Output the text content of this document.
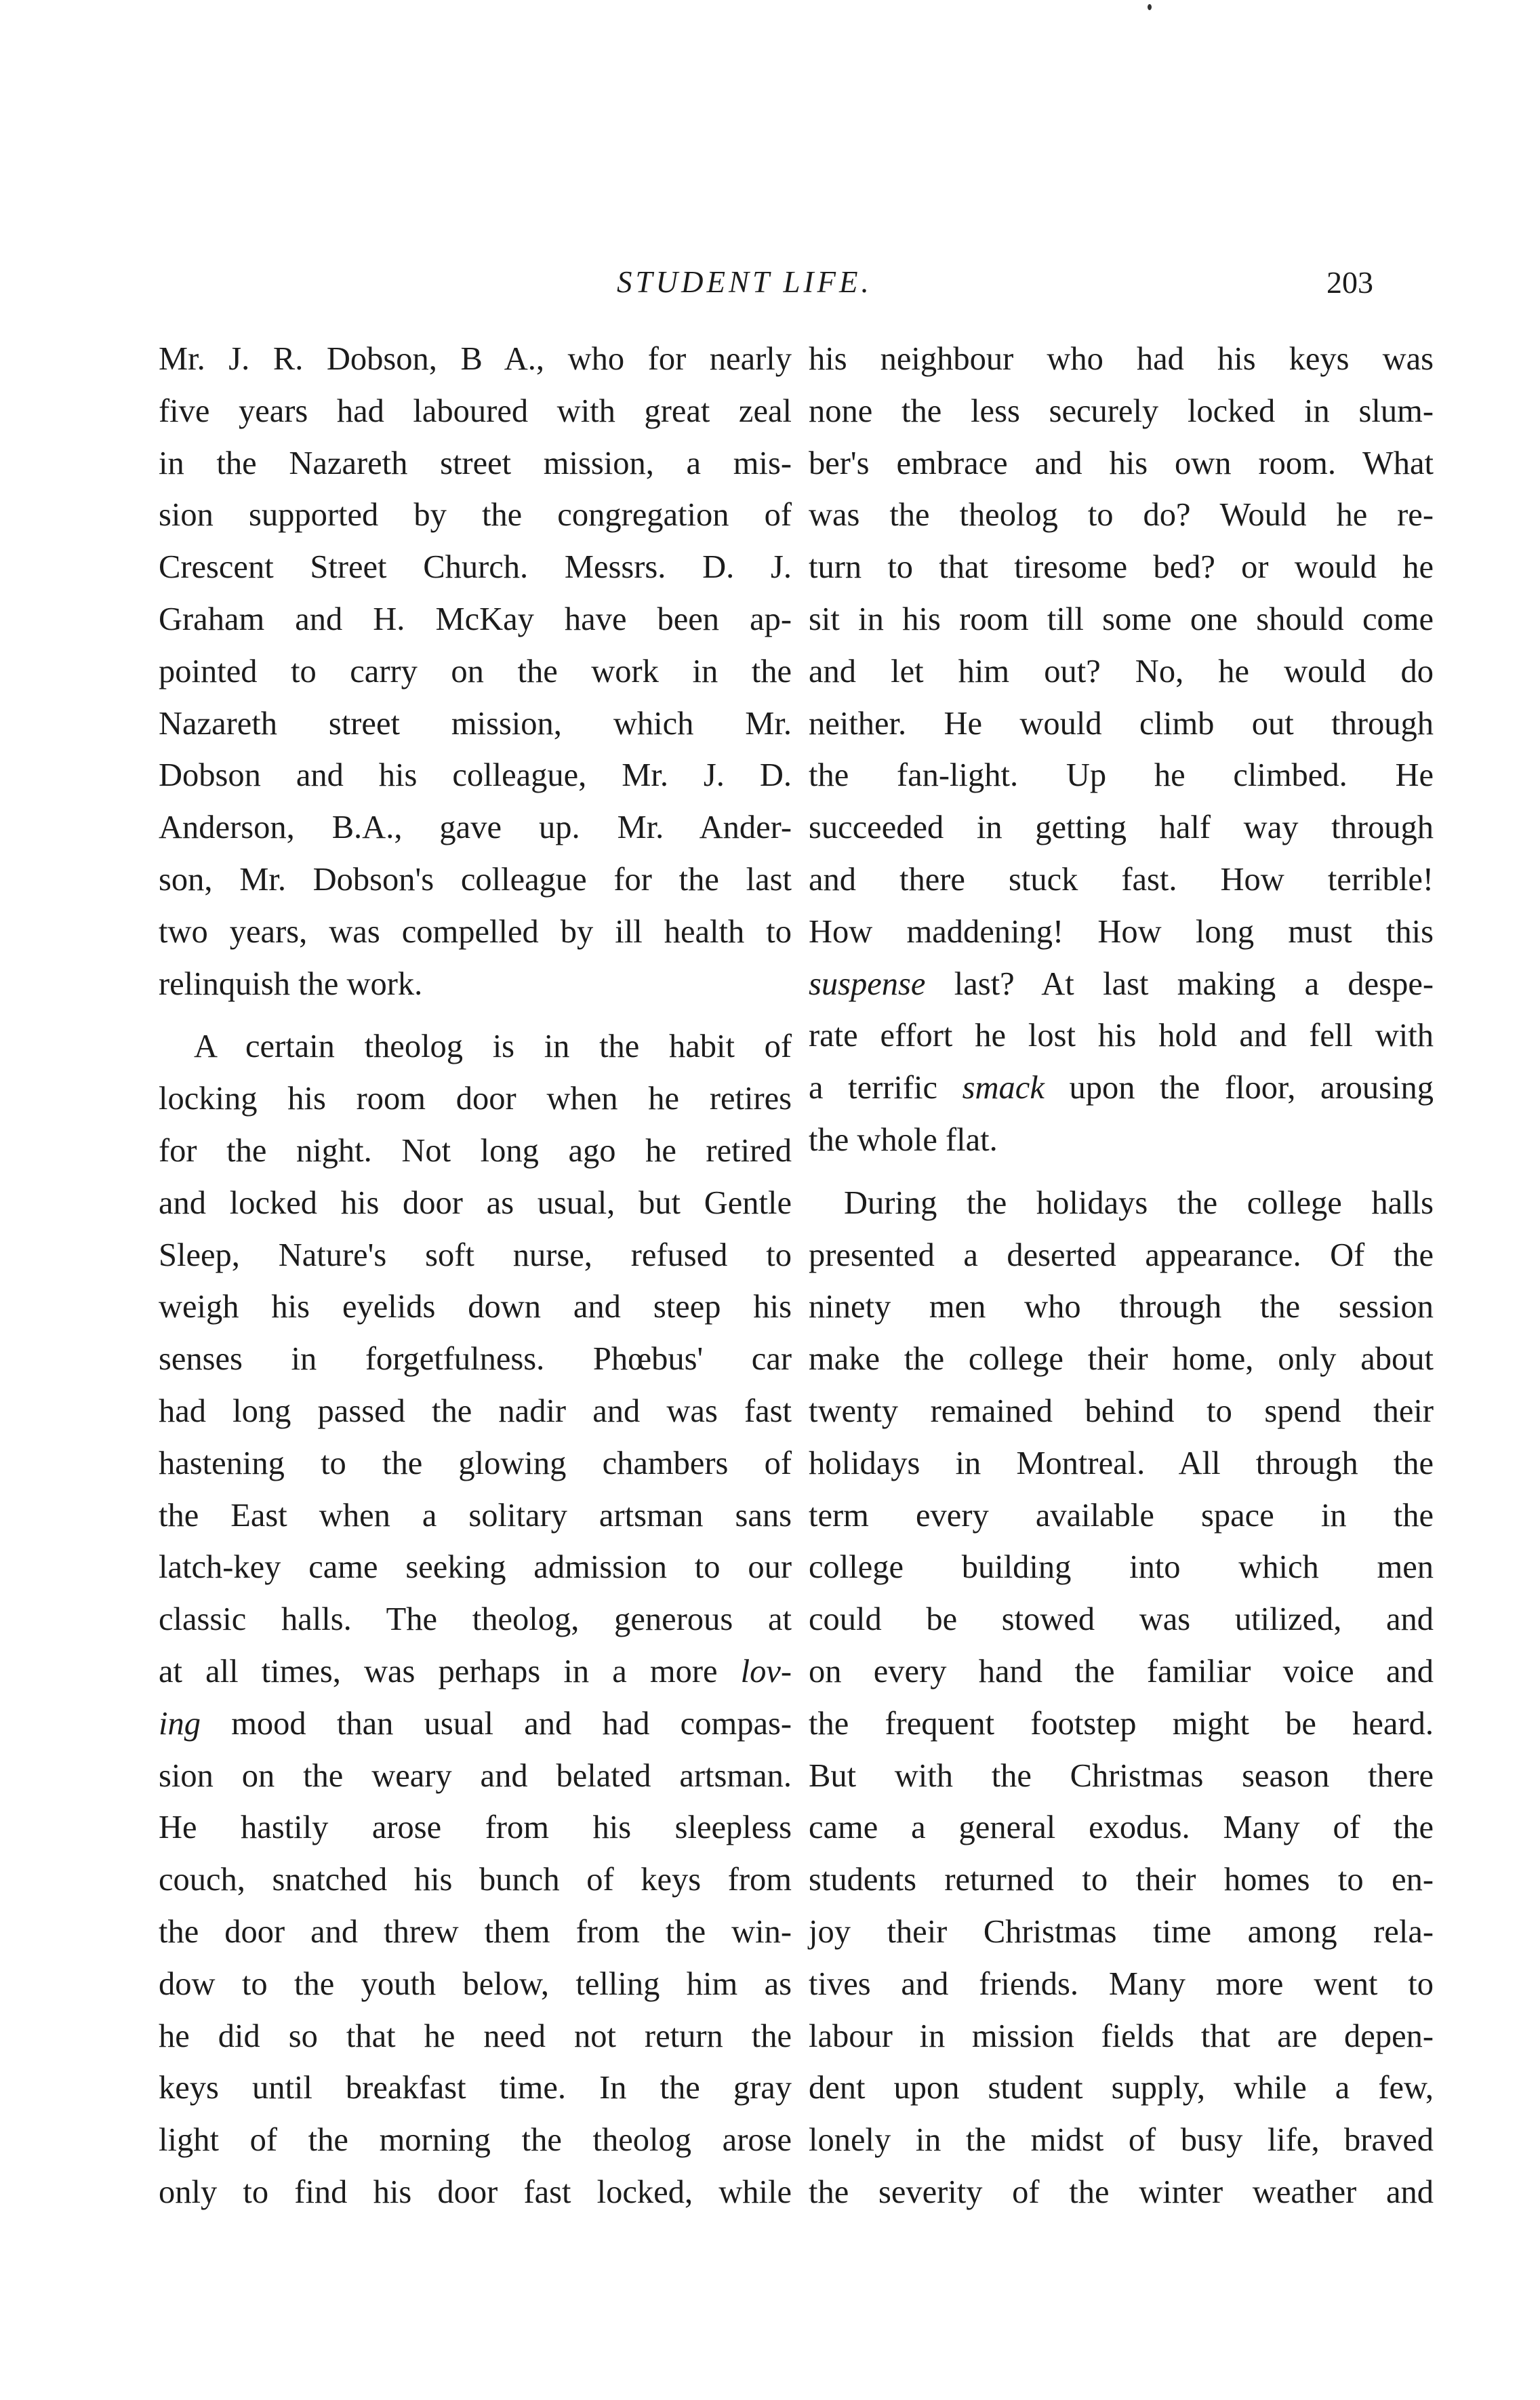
STUDENT LIFE.	203
Mr. J. R. Dobson, B A., who for nearly
five years had laboured with great zeal
in the Nazareth street mission, a mis-
sion supported by the congregation of
Crescent Street Church. Messrs. D. J.
Graham and H. McKay have been ap-
pointed to carry on the work in the
Nazareth street mission, which Mr.
Dobson and his colleague, Mr. J. D.
Anderson, B.A., gave up. Mr. Ander-
son, Mr. Dobson's colleague for the last
two years, was compelled by ill health to
relinquish the work.
A certain theolog is in the habit of
locking his room door when he retires
for the night. Not long ago he retired
and locked his door as usual, but Gentle
Sleep, Nature's soft nurse, refused to
weigh his eyelids down and steep his
senses in forgetfulness. Phœbus' car
had long passed the nadir and was fast
hastening to the glowing chambers of
the East when a solitary artsman sans
latch-key came seeking admission to our
classic halls. The theolog, generous at
at all times, was perhaps in a more lov-
ing mood than usual and had compas-
sion on the weary and belated artsman.
He hastily arose from his sleepless
couch, snatched his bunch of keys from
the door and threw them from the win-
dow to the youth below, telling him as
he did so that he need not return the
keys until breakfast time. In the gray
light of the morning the theolog arose
only to find his door fast locked, while
his neighbour who had his keys was
none the less securely locked in slum-
ber's embrace and his own room. What
was the theolog to do? Would he re-
turn to that tiresome bed? or would he
sit in his room till some one should come
and let him out? No, he would do
neither. He would climb out through
the fan-light. Up he climbed. He
succeeded in getting half way through
and there stuck fast. How terrible!
How maddening! How long must this
suspense last? At last making a despe-
rate effort he lost his hold and fell with
a terrific smack upon the floor, arousing
the whole flat.
During the holidays the college halls
presented a deserted appearance. Of the
ninety men who through the session
make the college their home, only about
twenty remained behind to spend their
holidays in Montreal. All through the
term every available space in the
college building into which men
could be stowed was utilized, and
on every hand the familiar voice and
the frequent footstep might be heard.
But with the Christmas season there
came a general exodus. Many of the
students returned to their homes to en-
joy their Christmas time among rela-
tives and friends. Many more went to
labour in mission fields that are depen-
dent upon student supply, while a few,
lonely in the midst of busy life, braved
the severity of the winter weather and
